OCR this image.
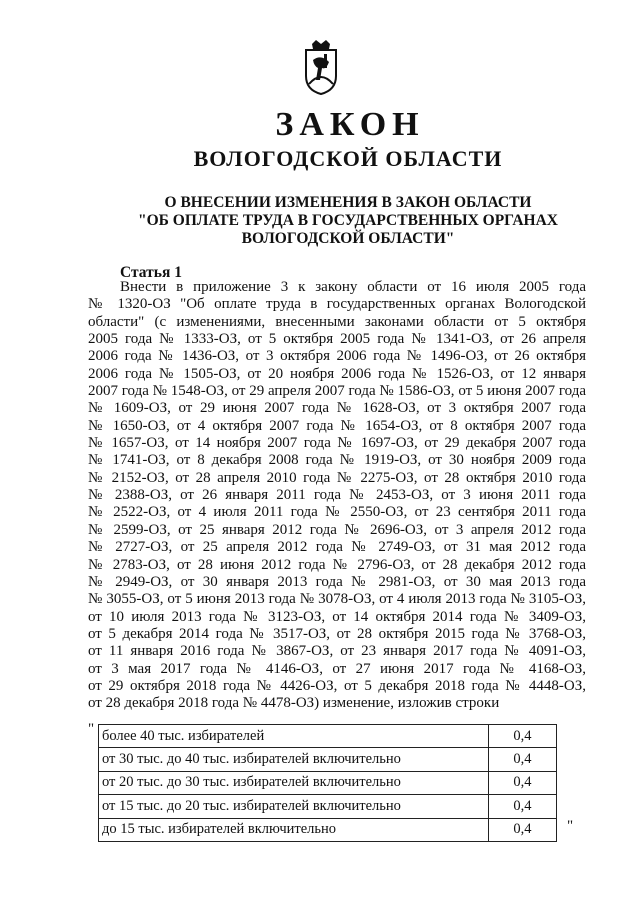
ЗАКОН
ВОЛОГОДСКОЙ ОБЛАСТИ
О ВНЕСЕНИИ ИЗМЕНЕНИЯ В ЗАКОН ОБЛАСТИ
"ОБ ОПЛАТЕ ТРУДА В ГОСУДАРСТВЕННЫХ ОРГАНАХ
ВОЛОГОДСКОЙ ОБЛАСТИ"
Статья 1
Внести в приложение 3 к закону области от 16 июля 2005 года
№ 1320-ОЗ "Об оплате труда в государственных органах Вологодской
области" (с изменениями, внесенными законами области от 5 октября
2005 года № 1333-ОЗ, от 5 октября 2005 года № 1341-ОЗ, от 26 апреля
2006 года № 1436-ОЗ, от 3 октября 2006 года № 1496-ОЗ, от 26 октября
2006 года № 1505-ОЗ, от 20 ноября 2006 года № 1526-ОЗ, от 12 января
2007 года № 1548-ОЗ, от 29 апреля 2007 года № 1586-ОЗ, от 5 июня 2007 года
№ 1609-ОЗ, от 29 июня 2007 года № 1628-ОЗ, от 3 октября 2007 года
№ 1650-ОЗ, от 4 октября 2007 года № 1654-ОЗ, от 8 октября 2007 года
№ 1657-ОЗ, от 14 ноября 2007 года № 1697-ОЗ, от 29 декабря 2007 года
№ 1741-ОЗ, от 8 декабря 2008 года № 1919-ОЗ, от 30 ноября 2009 года
№ 2152-ОЗ, от 28 апреля 2010 года № 2275-ОЗ, от 28 октября 2010 года
№ 2388-ОЗ, от 26 января 2011 года № 2453-ОЗ, от 3 июня 2011 года
№ 2522-ОЗ, от 4 июля 2011 года № 2550-ОЗ, от 23 сентября 2011 года
№ 2599-ОЗ, от 25 января 2012 года № 2696-ОЗ, от 3 апреля 2012 года
№ 2727-ОЗ, от 25 апреля 2012 года № 2749-ОЗ, от 31 мая 2012 года
№ 2783-ОЗ, от 28 июня 2012 года № 2796-ОЗ, от 28 декабря 2012 года
№ 2949-ОЗ, от 30 января 2013 года № 2981-ОЗ, от 30 мая 2013 года
№ 3055-ОЗ, от 5 июня 2013 года № 3078-ОЗ, от 4 июля 2013 года № 3105-ОЗ,
от 10 июля 2013 года № 3123-ОЗ, от 14 октября 2014 года № 3409-ОЗ,
от 5 декабря 2014 года № 3517-ОЗ, от 28 октября 2015 года № 3768-ОЗ,
от 11 января 2016 года № 3867-ОЗ, от 23 января 2017 года № 4091-ОЗ,
от 3 мая 2017 года № 4146-ОЗ, от 27 июня 2017 года № 4168-ОЗ,
от 29 октября 2018 года № 4426-ОЗ, от 5 декабря 2018 года № 4448-ОЗ,
от 28 декабря 2018 года № 4478-ОЗ) изменение, изложив строки
" более 40 тыс. избирателей	0,4
от 30 тыс. до 40 тыс. избирателей включительно	0,4
от 20 тыс. до 30 тыс. избирателей включительно	0,4
от 15 тыс. до 20 тыс. избирателей включительно	0,4
до 15 тыс. избирателей включительно	0,4 "
